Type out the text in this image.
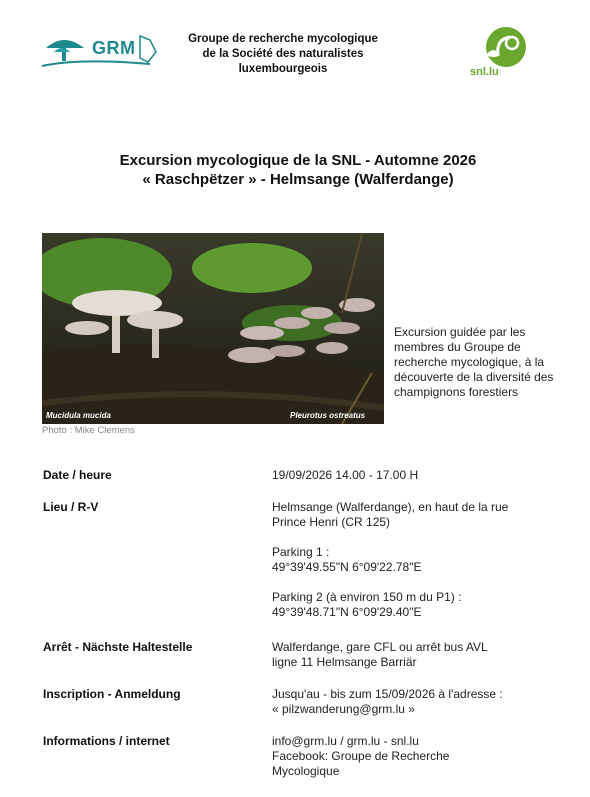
GRM	Groupe de recherche mycologique
de la Société des naturalistes
luxembourgeois	snl.lu
Excursion mycologique de la SNL - Automne 2026
« Raschpëtzer » - Helmsange (Walferdange)
Mucidula mucida	Pleurotus ostreatus
Photo : Mike Clemens
Excursion guidée par les membres du Groupe de recherche mycologique, à la découverte de la diversité des champignons forestiers
Date / heure	19/09/2026 14.00 - 17.00 H
Lieu / R-V	Helmsange (Walferdange), en haut de la rue

Prince Henri (CR 125)

Parking 1 :

49°39'49.55"N 6°09'22.78"E

Parking 2 (à environ 150 m du P1) :

49°39'48.71"N 6°09'29.40"E

Arrêt - Nächste Haltestelle	Walferdange, gare CFL ou arrêt bus AVL

ligne 11 Helmsange Barriär

Inscription - Anmeldung	Jusqu'au - bis zum 15/09/2026 à l'adresse :

« pilzwanderung@grm.lu »

Informations / internet	info@grm.lu / grm.lu - snl.lu

Facebook: Groupe de Recherche

Mycologique
